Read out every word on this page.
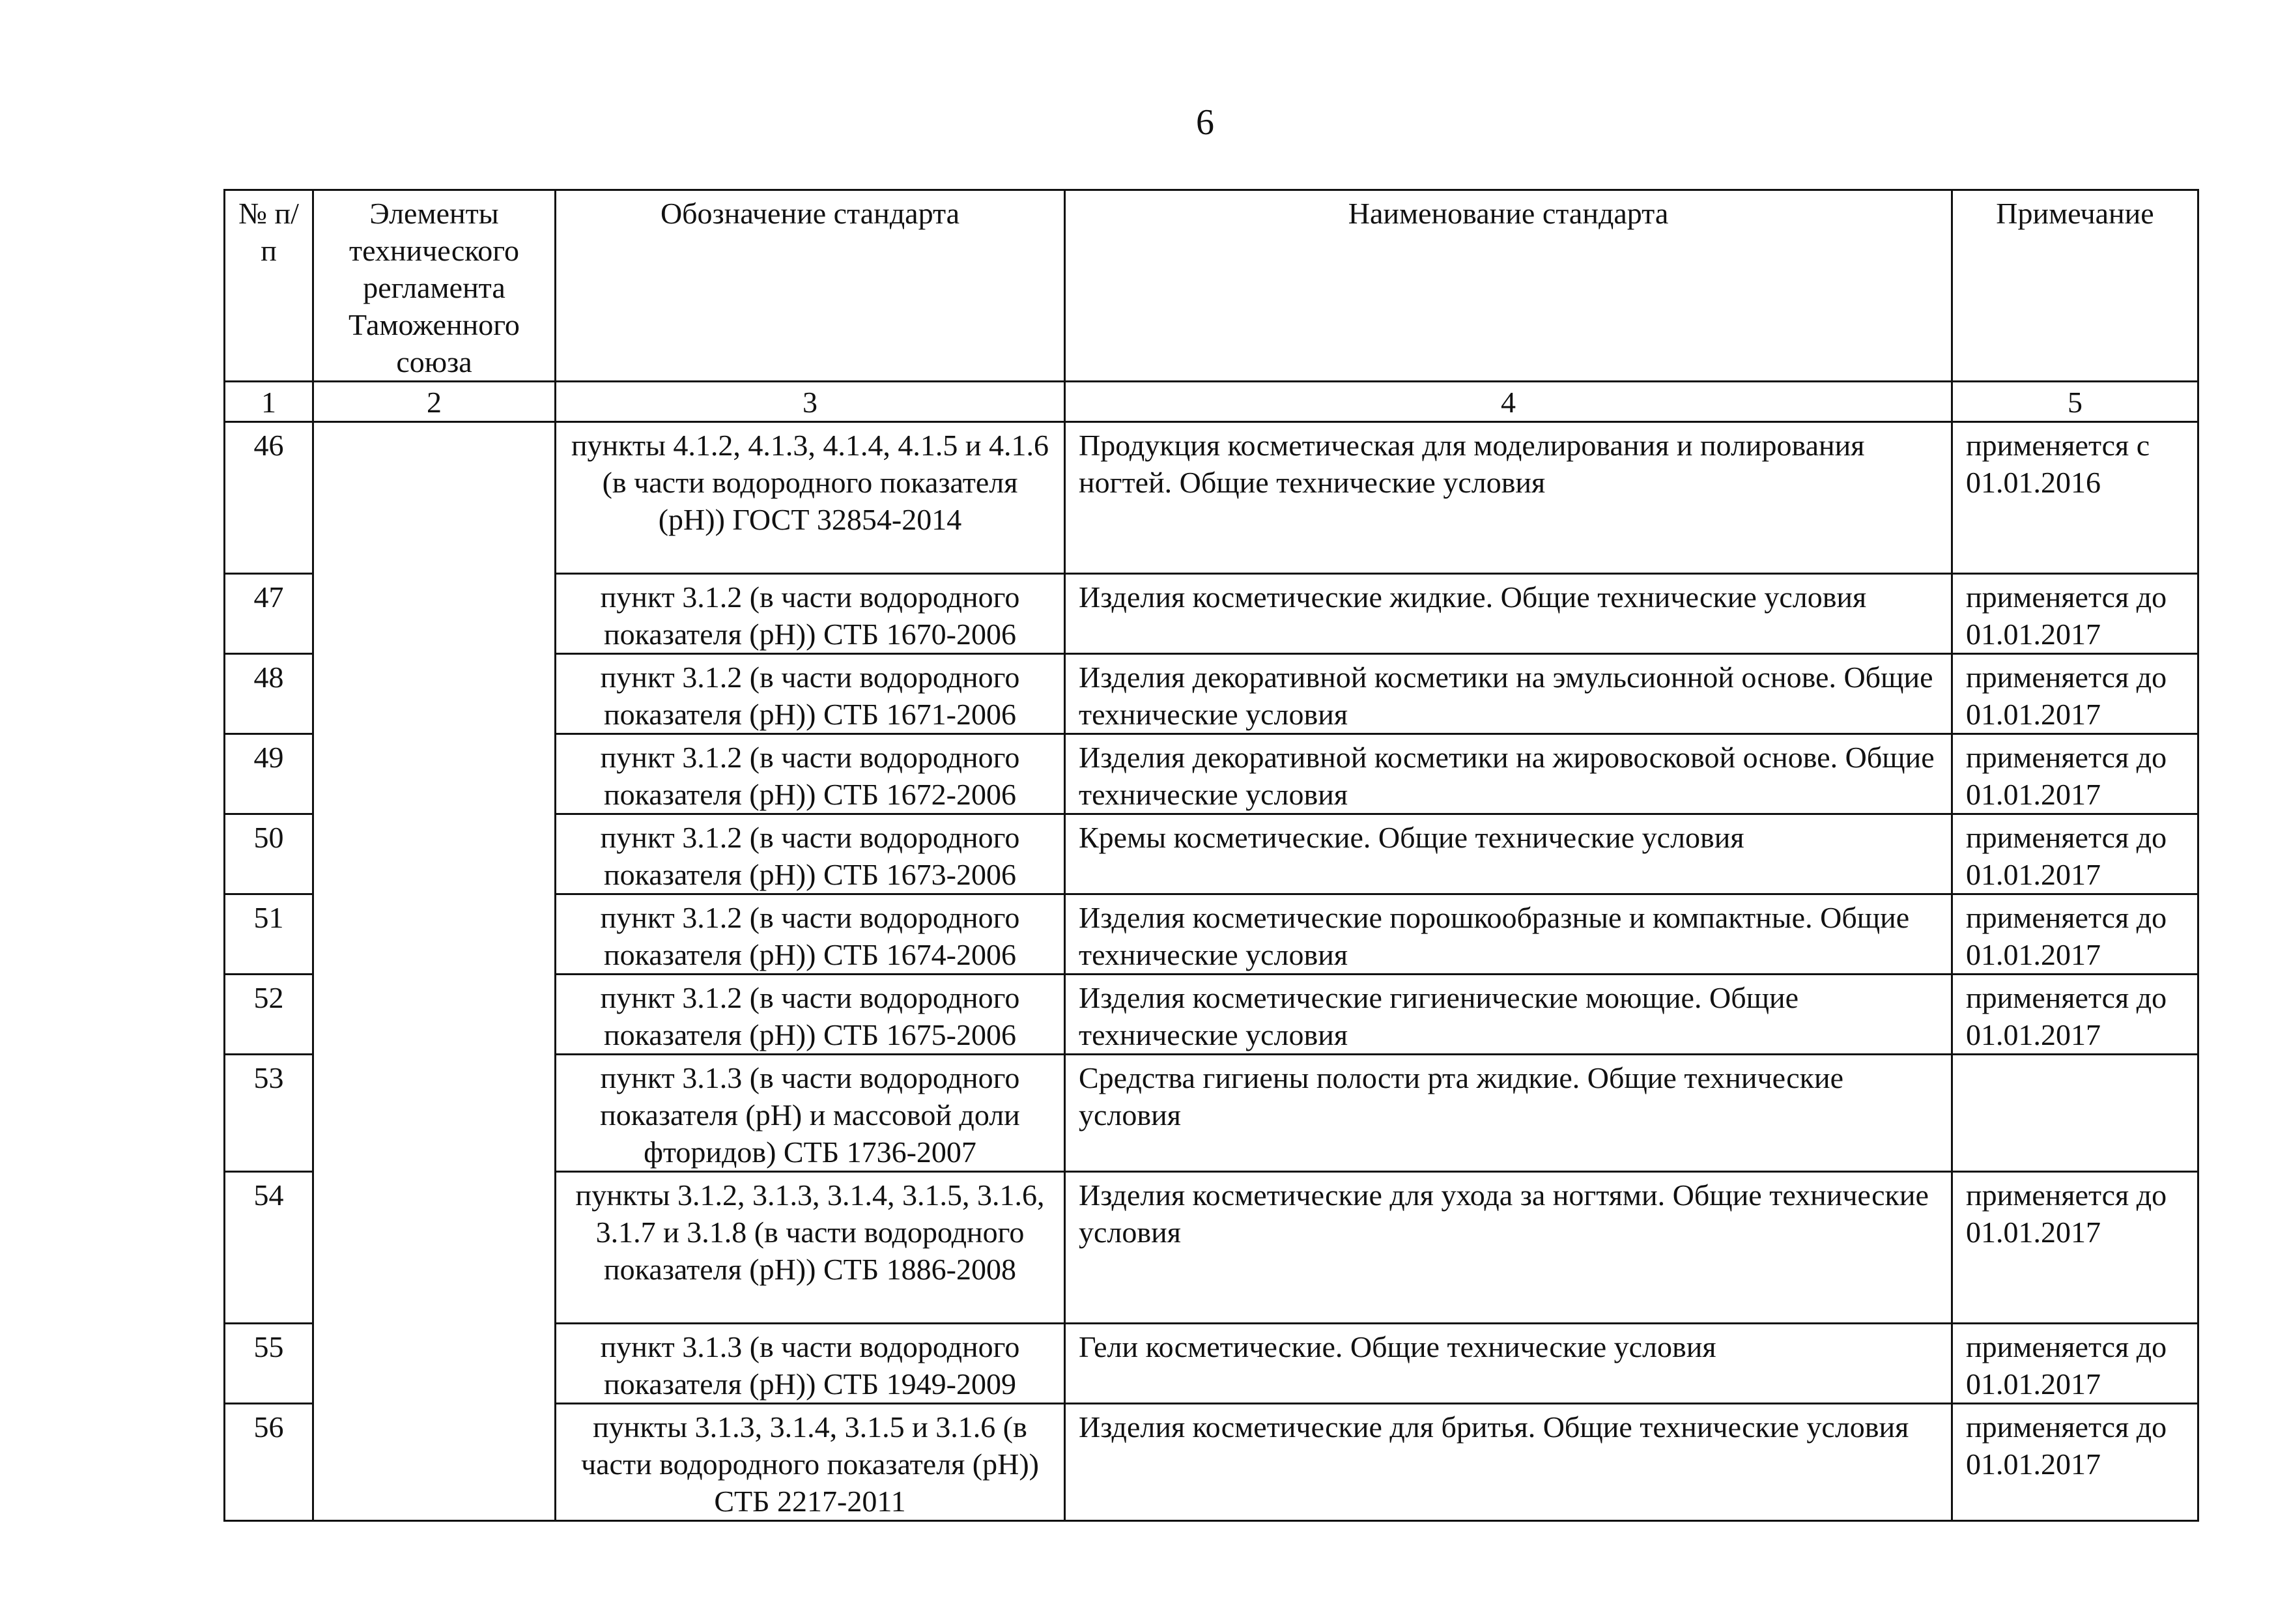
6
№ п/п	Элементы технического регламента Таможенного союза	Обозначение стандарта	Наименование стандарта	Примечание
1	2	3	4	5
46		пункты 4.1.2, 4.1.3, 4.1.4, 4.1.5 и 4.1.6 (в части водородного показателя (pH)) ГОСТ 32854-2014	Продукция косметическая для моделирования и полирования ногтей. Общие технические условия	применяется с 01.01.2016
47		пункт 3.1.2 (в части водородного показателя (pH)) СТБ 1670-2006	Изделия косметические жидкие. Общие технические условия	применяется до 01.01.2017
48		пункт 3.1.2 (в части водородного показателя (pH)) СТБ 1671-2006	Изделия декоративной косметики на эмульсионной основе. Общие технические условия	применяется до 01.01.2017
49		пункт 3.1.2 (в части водородного показателя (pH)) СТБ 1672-2006	Изделия декоративной косметики на жировосковой основе. Общие технические условия	применяется до 01.01.2017
50		пункт 3.1.2 (в части водородного показателя (pH)) СТБ 1673-2006	Кремы косметические. Общие технические условия	применяется до 01.01.2017
51		пункт 3.1.2 (в части водородного показателя (pH)) СТБ 1674-2006	Изделия косметические порошкообразные и компактные. Общие технические условия	применяется до 01.01.2017
52		пункт 3.1.2 (в части водородного показателя (pH)) СТБ 1675-2006	Изделия косметические гигиенические моющие. Общие технические условия	применяется до 01.01.2017
53		пункт 3.1.3 (в части водородного показателя (pH) и массовой доли фторидов) СТБ 1736-2007	Средства гигиены полости рта жидкие. Общие технические условия	
54		пункты 3.1.2, 3.1.3, 3.1.4, 3.1.5, 3.1.6, 3.1.7 и 3.1.8 (в части водородного показателя (pH)) СТБ 1886-2008	Изделия косметические для ухода за ногтями. Общие технические условия	применяется до 01.01.2017
55		пункт 3.1.3 (в части водородного показателя (pH)) СТБ 1949-2009	Гели косметические. Общие технические условия	применяется до 01.01.2017
56		пункты 3.1.3, 3.1.4, 3.1.5 и 3.1.6 (в части водородного показателя (pH)) СТБ 2217-2011	Изделия косметические для бритья. Общие технические условия	применяется до 01.01.2017
